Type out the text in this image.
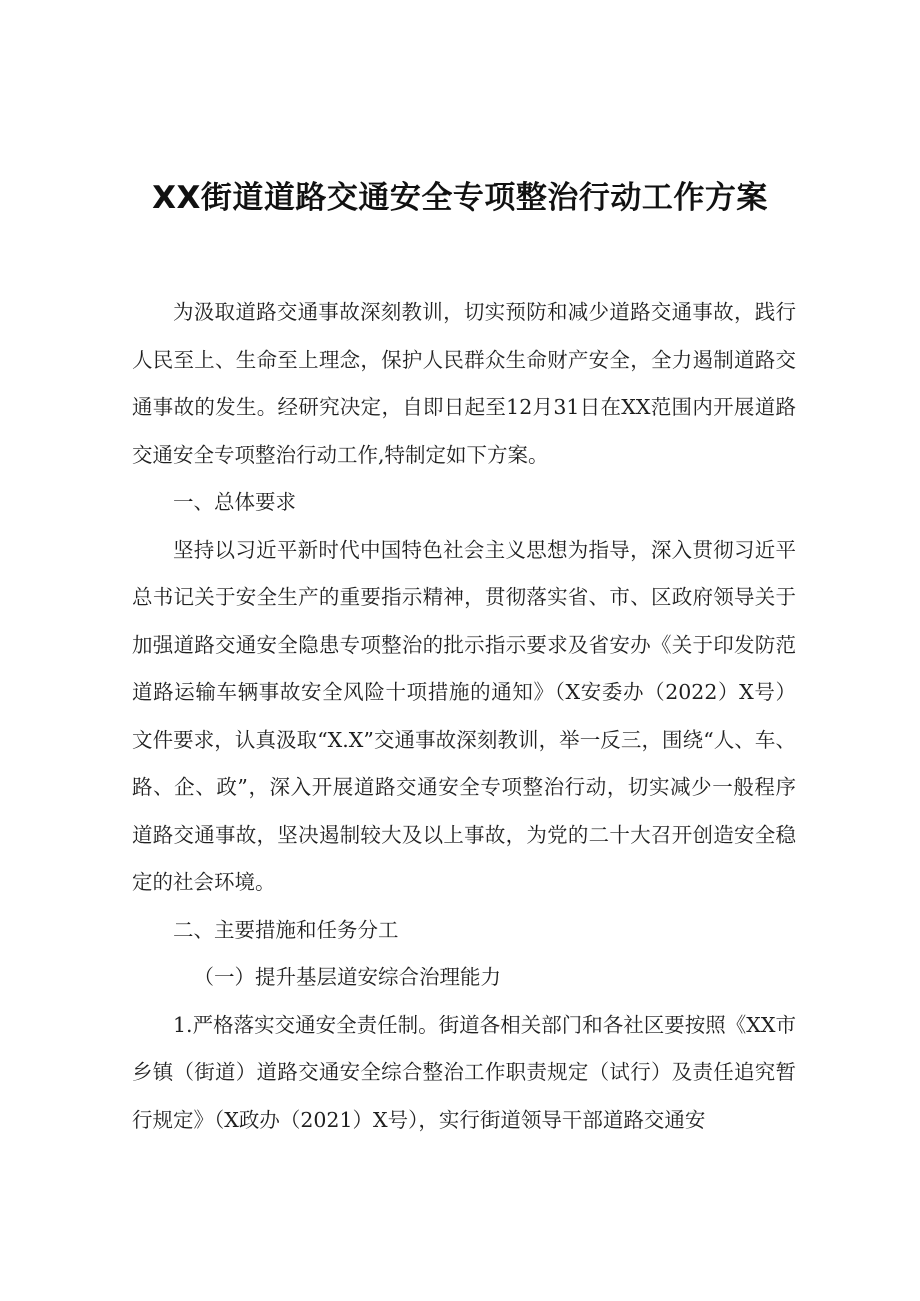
XX街道道路交通安全专项整治行动工作方案

为汲取道路交通事故深刻教训，切实预防和减少道路交通事故，践行人民至上、生命至上理念，保护人民群众生命财产安全，全力遏制道路交通事故的发生。经研究决定，自即日起至12月31日在XX范围内开展道路交通安全专项整治行动工作,特制定如下方案。

一、总体要求

坚持以习近平新时代中国特色社会主义思想为指导，深入贯彻习近平总书记关于安全生产的重要指示精神，贯彻落实省、市、区政府领导关于加强道路交通安全隐患专项整治的批示指示要求及省安办《关于印发防范道路运输车辆事故安全风险十项措施的通知》（X安委办（2022）X号）文件要求，认真汲取“X.X”交通事故深刻教训，举一反三，围绕“人、车、路、企、政”，深入开展道路交通安全专项整治行动，切实减少一般程序道路交通事故，坚决遏制较大及以上事故，为党的二十大召开创造安全稳定的社会环境。

二、主要措施和任务分工

（一）提升基层道安综合治理能力

1.严格落实交通安全责任制。街道各相关部门和各社区要按照《XX市乡镇（街道）道路交通安全综合整治工作职责规定（试行）及责任追究暂行规定》（X政办（2021）X号），实行街道领导干部道路交通安
